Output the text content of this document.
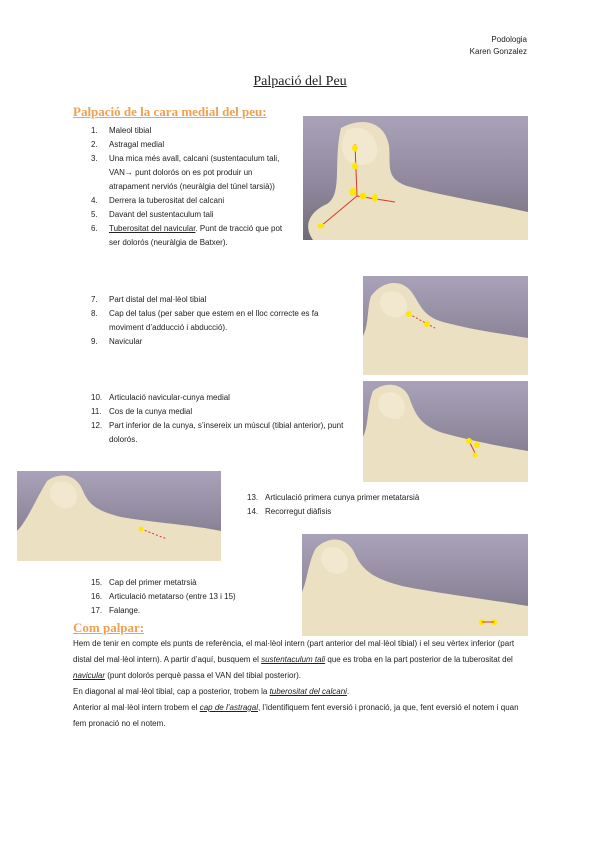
Podologia
Karen Gonzalez
Palpació del Peu
Palpació de la cara medial del peu:
1. Maleol tibial
2. Astragal medial
3. Una mica més avall, calcani (sustentaculum tali, VAN→ punt dolorós on es pot produir un atrapament nerviós (neuràlgia del túnel tarsià))
4. Derrera la tuberositat del calcani
5. Davant del sustentaculum tali
6. Tuberositat del navicular. Punt de tracció que pot ser dolorós (neuràlgia de Batxer).
7. Part distal del mal·lèol tibial
8. Cap del talus (per saber que estem en el lloc correcte es fa moviment d’adducció i abducció).
9. Navicular
10. Articulació navicular-cunya medial
11. Cos de la cunya medial
12. Part inferior de la cunya, s’insereix un múscul (tibial anterior), punt dolorós.
13. Articulació primera cunya primer metatarsià
14. Recorregut diàfisis
15. Cap del primer metatrsià
16. Articulació metatarso (entre 13 i 15)
17. Falange.
Com palpar:

Hem de tenir en compte els punts de referència, el mal·lèol intern (part anterior del mal·lèol tibial) i el seu vèrtex inferior (part distal del mal·lèol intern). A partir d’aquí, busquem el sustentaculum tali que es troba en la part posterior de la tuberositat del navicular (punt dolorós perquè passa el VAN del tibial posterior).
En diagonal al mal·lèol tibial, cap a posterior, trobem la tuberositat del calcani.
Anterior al mal·lèol intern trobem el cap de l’astragal, l’identifiquem fent eversió i pronació, ja que, fent eversió el notem i quan fem pronació no el notem.
